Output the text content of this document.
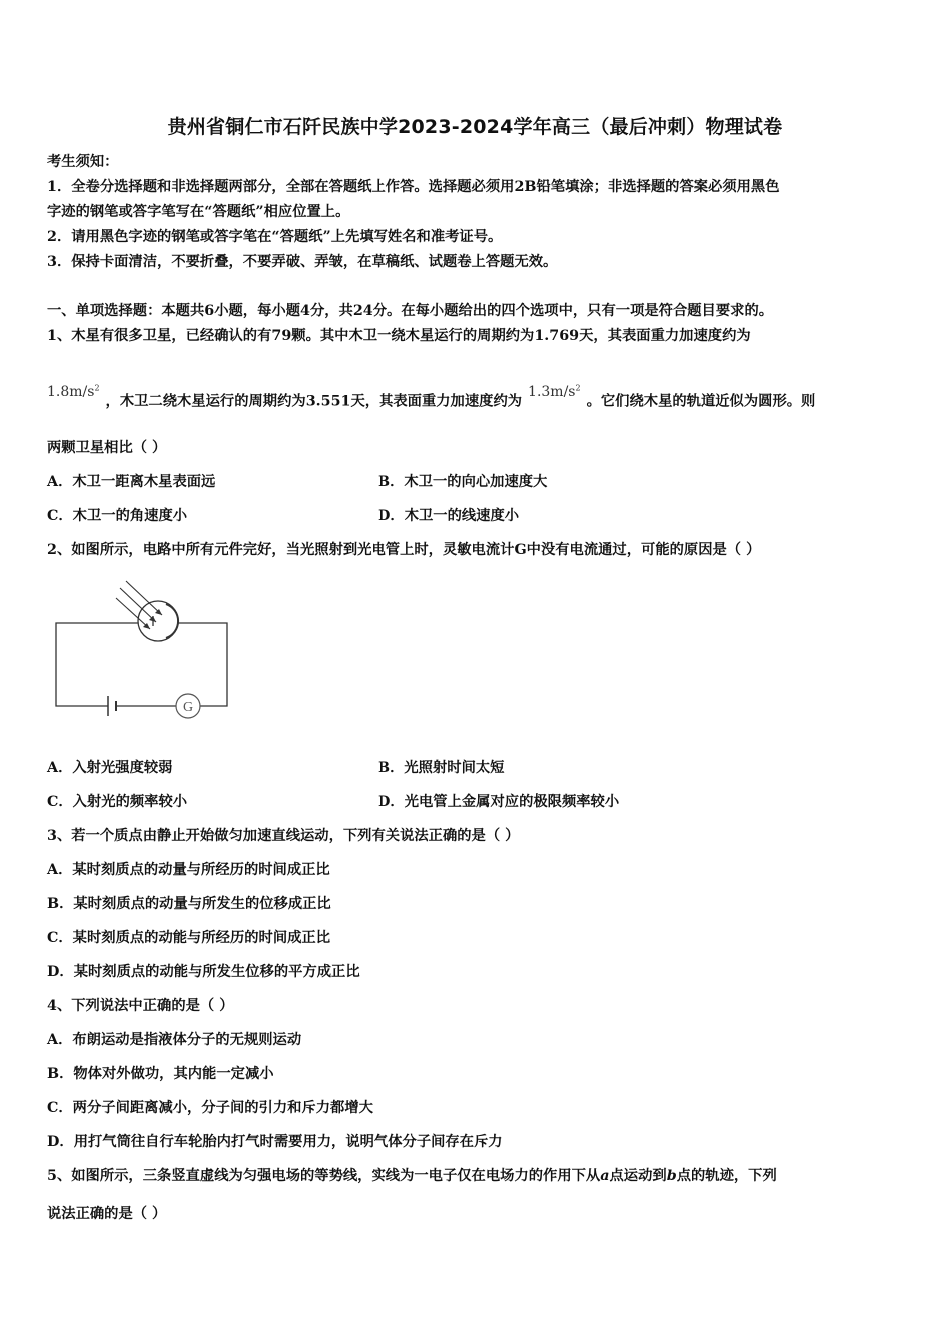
贵州省铜仁市石阡民族中学2023-2024学年高三（最后冲刺）物理试卷
考生须知：
1．全卷分选择题和非选择题两部分，全部在答题纸上作答。选择题必须用2B铅笔填涂；非选择题的答案必须用黑色
字迹的钢笔或答字笔写在“答题纸”相应位置上。
2．请用黑色字迹的钢笔或答字笔在“答题纸”上先填写姓名和准考证号。
3．保持卡面清洁，不要折叠，不要弄破、弄皱，在草稿纸、试题卷上答题无效。
一、单项选择题：本题共6小题，每小题4分，共24分。在每小题给出的四个选项中，只有一项是符合题目要求的。
1、木星有很多卫星，已经确认的有79颗。其中木卫一绕木星运行的周期约为1.769天，其表面重力加速度约为
$1.8m/s^2$，木卫二绕木星运行的周期约为3.551天，其表面重力加速度约为$1.3m/s^2$。它们绕木星的轨道近似为圆形。则
两颗卫星相比（ ）
A．木卫一距离木星表面远	B．木卫一的向心加速度大
C．木卫一的角速度小	D．木卫一的线速度小
2、如图所示，电路中所有元件完好，当光照射到光电管上时，灵敏电流计G中没有电流通过，可能的原因是（ ）
G
A．入射光强度较弱	B．光照射时间太短
C．入射光的频率较小	D．光电管上金属对应的极限频率较小
3、若一个质点由静止开始做匀加速直线运动，下列有关说法正确的是（ ）
A．某时刻质点的动量与所经历的时间成正比
B．某时刻质点的动量与所发生的位移成正比
C．某时刻质点的动能与所经历的时间成正比
D．某时刻质点的动能与所发生位移的平方成正比
4、下列说法中正确的是（ ）
A．布朗运动是指液体分子的无规则运动
B．物体对外做功，其内能一定减小
C．两分子间距离减小，分子间的引力和斥力都增大
D．用打气筒往自行车轮胎内打气时需要用力，说明气体分子间存在斥力
5、如图所示，三条竖直虚线为匀强电场的等势线，实线为一电子仅在电场力的作用下从a点运动到b点的轨迹，下列
说法正确的是（ ）
